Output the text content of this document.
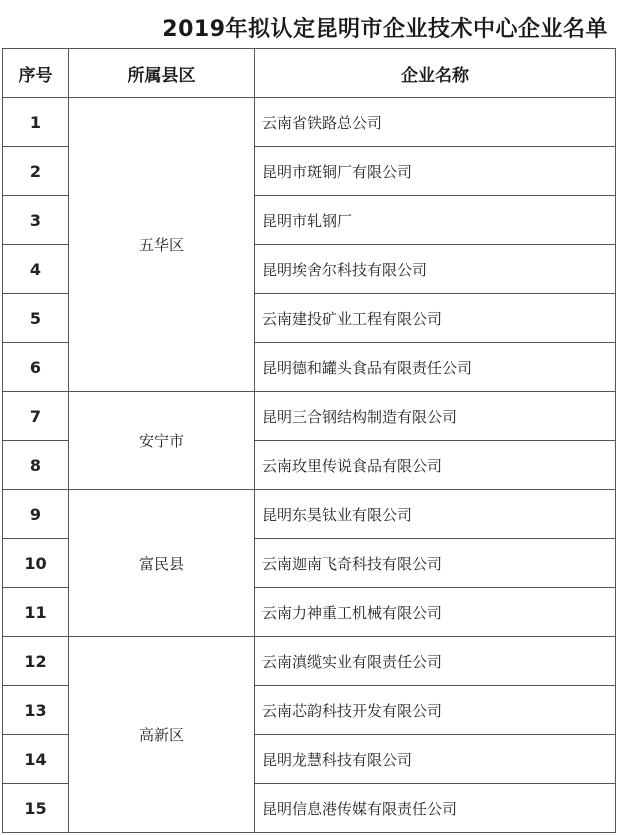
2019年拟认定昆明市企业技术中心企业名单
序号	所属县区	企业名称
1	五华区	云南省铁路总公司
2		昆明市斑铜厂有限公司
3		昆明市轧钢厂
4		昆明埃舍尔科技有限公司
5		云南建投矿业工程有限公司
6		昆明德和罐头食品有限责任公司
7	安宁市	昆明三合钢结构制造有限公司
8		云南玫里传说食品有限公司
9	富民县	昆明东昊钛业有限公司
10		云南迦南飞奇科技有限公司
11		云南力神重工机械有限公司
12	高新区	云南滇缆实业有限责任公司
13		云南芯韵科技开发有限公司
14		昆明龙慧科技有限公司
15		昆明信息港传媒有限责任公司
